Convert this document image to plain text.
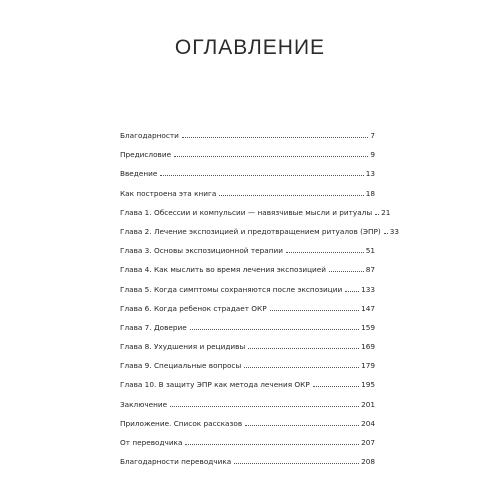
ОГЛАВЛЕНИЕ
Благодарности	7
Предисловие	9
Введение	13
Как построена эта книга	18
Глава 1. Обсессии и компульсии — навязчивые мысли и ритуалы 21
Глава 2. Лечение экспозицией и предотвращением ритуалов (ЭПР) 33
Глава 3. Основы экспозиционной терапии	51
Глава 4. Как мыслить во время лечения экспозицией	87
Глава 5. Когда симптомы сохраняются после экспозиции	133
Глава 6. Когда ребенок страдает ОКР	147
Глава 7. Доверие	159
Глава 8. Ухудшения и рецидивы	169
Глава 9. Специальные вопросы	179
Глава 10. В защиту ЭПР как метода лечения ОКР	195
Заключение	201
Приложение. Список рассказов	204
От переводчика	207
Благодарности переводчика	208
